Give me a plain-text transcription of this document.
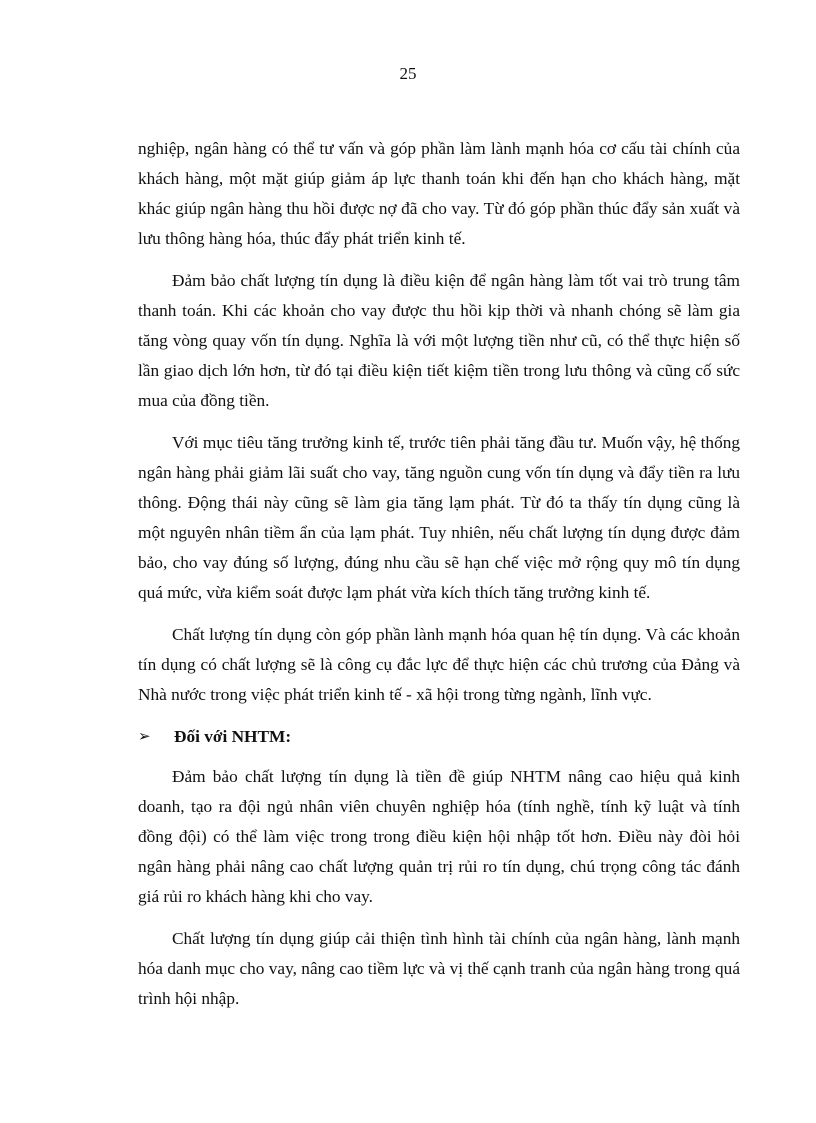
25

nghiệp, ngân hàng có thể tư vấn và góp phần làm lành mạnh hóa cơ cấu tài chính của khách hàng, một mặt giúp giảm áp lực thanh toán khi đến hạn cho khách hàng, mặt khác giúp ngân hàng thu hồi được nợ đã cho vay. Từ đó góp phần thúc đẩy sản xuất và lưu thông hàng hóa, thúc đẩy phát triển kinh tế.

Đảm bảo chất lượng tín dụng là điều kiện để ngân hàng làm tốt vai trò trung tâm thanh toán. Khi các khoản cho vay được thu hồi kịp thời và nhanh chóng sẽ làm gia tăng vòng quay vốn tín dụng. Nghĩa là với một lượng tiền như cũ, có thể thực hiện số lần giao dịch lớn hơn, từ đó tại điều kiện tiết kiệm tiền trong lưu thông và cũng cố sức mua của đồng tiền.

Với mục tiêu tăng trưởng kinh tế, trước tiên phải tăng đầu tư. Muốn vậy, hệ thống ngân hàng phải giảm lãi suất cho vay, tăng nguồn cung vốn tín dụng và đẩy tiền ra lưu thông. Động thái này cũng sẽ làm gia tăng lạm phát. Từ đó ta thấy tín dụng cũng là một nguyên nhân tiềm ẩn của lạm phát. Tuy nhiên, nếu chất lượng tín dụng được đảm bảo, cho vay đúng số lượng, đúng nhu cầu sẽ hạn chế việc mở rộng quy mô tín dụng quá mức, vừa kiểm soát được lạm phát vừa kích thích tăng trưởng kinh tế.

Chất lượng tín dụng còn góp phần lành mạnh hóa quan hệ tín dụng. Và các khoản tín dụng có chất lượng sẽ là công cụ đắc lực để thực hiện các chủ trương của Đảng và Nhà nước trong việc phát triển kinh tế - xã hội trong từng ngành, lĩnh vực.

➢	Đối với NHTM:

Đảm bảo chất lượng tín dụng là tiền đề giúp NHTM nâng cao hiệu quả kinh doanh, tạo ra đội ngủ nhân viên chuyên nghiệp hóa (tính nghề, tính kỹ luật và tính đồng đội) có thể làm việc trong trong điều kiện hội nhập tốt hơn. Điều này đòi hỏi ngân hàng phải nâng cao chất lượng quản trị rủi ro tín dụng, chú trọng công tác đánh giá rủi ro khách hàng khi cho vay.

Chất lượng tín dụng giúp cải thiện tình hình tài chính của ngân hàng, lành mạnh hóa danh mục cho vay, nâng cao tiềm lực và vị thế cạnh tranh của ngân hàng trong quá trình hội nhập.
